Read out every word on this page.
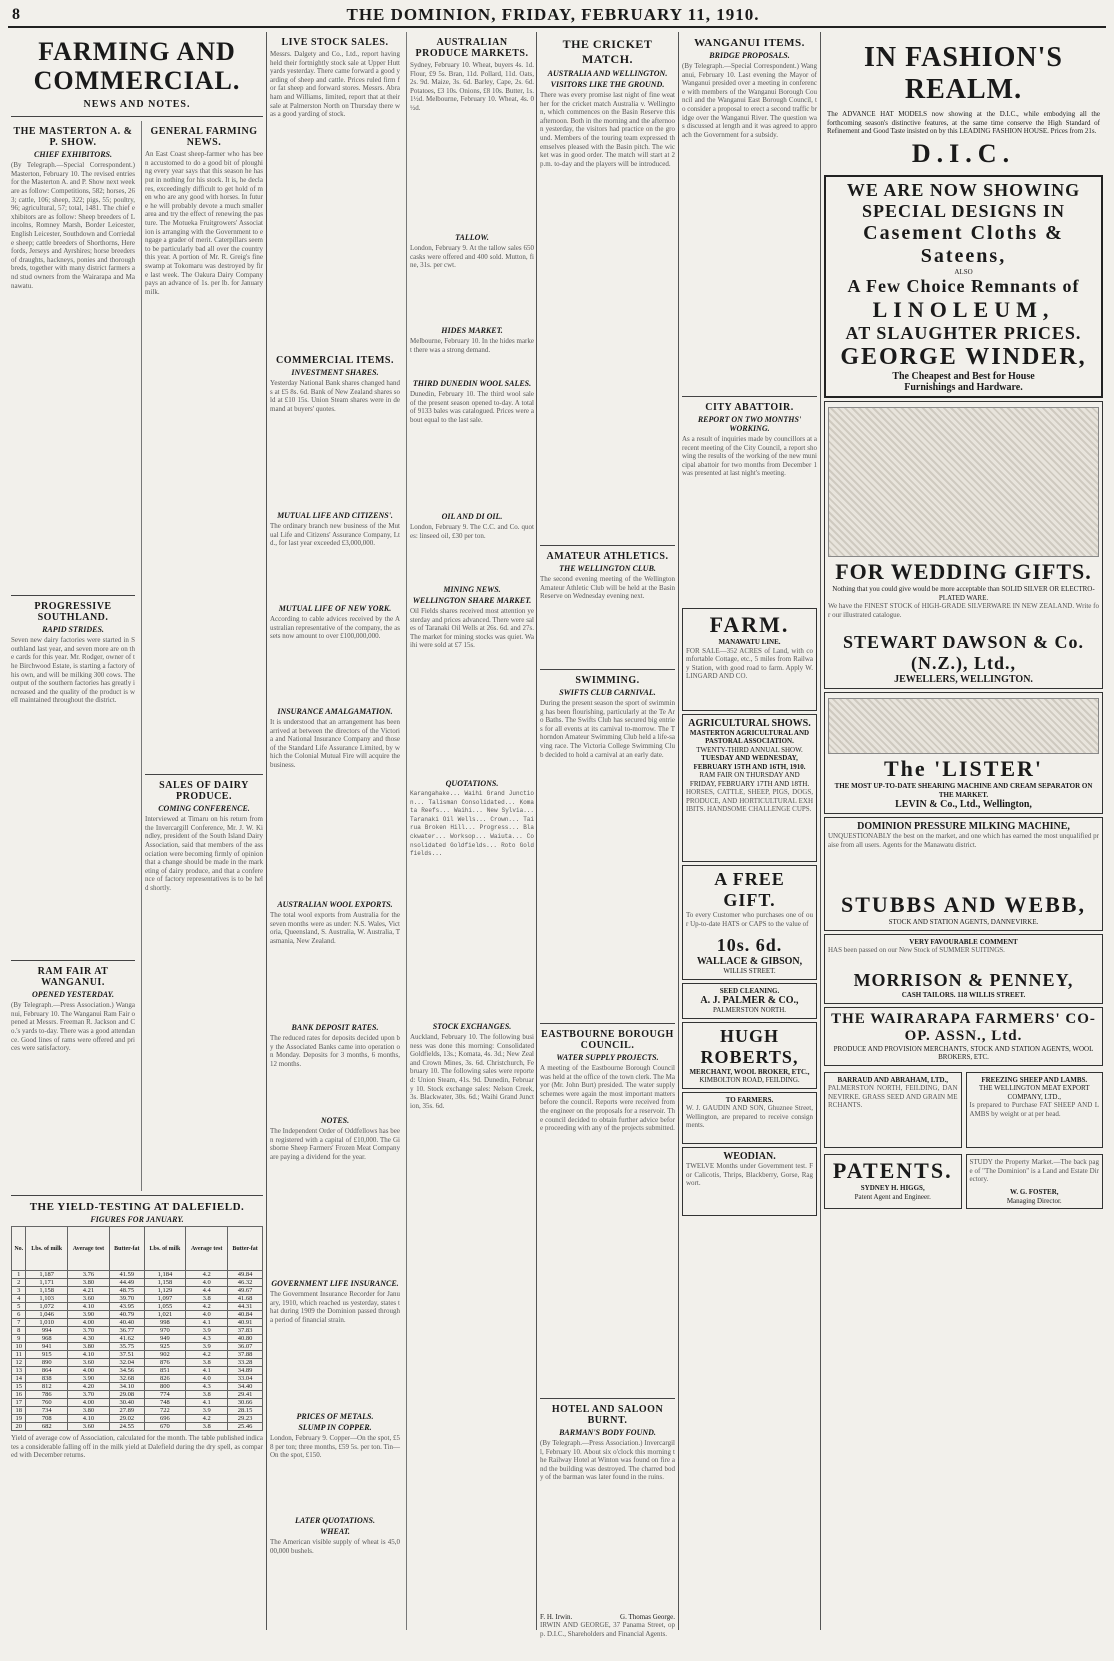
8	THE DOMINION, FRIDAY, FEBRUARY 11, 1910.
FARMING AND COMMERCIAL.
NEWS AND NOTES.
THE MASTERTON A. & P. SHOW.
CHIEF EXHIBITORS.
(By Telegraph.—Special Correspondent.) Masterton, February 10. The revised entries for the Masterton A. and P. Show next week are as follow: Competitions, 582; horses, 263; cattle, 106; sheep, 322; pigs, 55; poultry, 96; agricultural, 57; total, 1481. The chief exhibitors are as follow: Sheep breeders of Lincolns, Romney Marsh, Border Leicester, English Leicester, Southdown and Corriedale sheep; cattle breeders of Shorthorns, Herefords, Jerseys and Ayrshires; horse breeders of draughts, hackneys, ponies and thoroughbreds, together with many district farmers and stud owners from the Wairarapa and Manawatu.
PROGRESSIVE SOUTHLAND.
RAPID STRIDES.
Seven new dairy factories were started in Southland last year, and seven more are on the cards for this year. Mr. Rodger, owner of the Birchwood Estate, is starting a factory of his own, and will be milking 300 cows. The output of the southern factories has greatly increased and the quality of the product is well maintained throughout the district.
RAM FAIR AT WANGANUI.
OPENED YESTERDAY.
(By Telegraph.—Press Association.) Wanganui, February 10. The Wanganui Ram Fair opened at Messrs. Freeman R. Jackson and Co.'s yards to-day. There was a good attendance. Good lines of rams were offered and prices were satisfactory.
GENERAL FARMING NEWS.
An East Coast sheep-farmer who has been accustomed to do a good bit of ploughing every year says that this season he has put in nothing for his stock. It is, he declares, exceedingly difficult to get hold of men who are any good with horses. In future he will probably devote a much smaller area and try the effect of renewing the pasture. The Motueka Fruitgrowers' Association is arranging with the Government to engage a grader of merit. Caterpillars seem to be particularly bad all over the country this year. A portion of Mr. R. Greig's fine swamp at Tokomaru was destroyed by fire last week. The Oakura Dairy Company pays an advance of 1s. per lb. for January milk.
SALES OF DAIRY PRODUCE.
COMING CONFERENCE.
Interviewed at Timaru on his return from the Invercargill Conference, Mr. J. W. Kindley, president of the South Island Dairy Association, said that members of the association were becoming firmly of opinion that a change should be made in the marketing of dairy produce, and that a conference of factory representatives is to be held shortly.
THE YIELD-TESTING AT DALEFIELD.
FIGURES FOR JANUARY.
No.	Lbs. of milk	Average test	Butter-fat	Lbs. of milk	Average test	Butter-fat
1	1,187	3.76	41.59	1,184	4.2	49.84
2	1,171	3.80	44.49	1,158	4.0	46.32
3	1,158	4.21	48.75	1,129	4.4	49.67
4	1,103	3.60	39.70	1,097	3.8	41.68
5	1,072	4.10	43.95	1,055	4.2	44.31
6	1,046	3.90	40.79	1,021	4.0	40.84
7	1,010	4.00	40.40	998	4.1	40.91
8	994	3.70	36.77	970	3.9	37.83
9	968	4.30	41.62	949	4.3	40.80
10	941	3.80	35.75	925	3.9	36.07
11	915	4.10	37.51	902	4.2	37.88
12	890	3.60	32.04	876	3.8	33.28
13	864	4.00	34.56	851	4.1	34.89
14	838	3.90	32.68	826	4.0	33.04
15	812	4.20	34.10	800	4.3	34.40
16	786	3.70	29.08	774	3.8	29.41
17	760	4.00	30.40	748	4.1	30.66
18	734	3.80	27.89	722	3.9	28.15
19	708	4.10	29.02	696	4.2	29.23
20	682	3.60	24.55	670	3.8	25.46
Yield of average cow of Association, calculated for the month. The table published indicates a considerable falling off in the milk yield at Dalefield during the dry spell, as compared with December returns.
LIVE STOCK SALES.
Messrs. Dalgety and Co., Ltd., report having held their fortnightly stock sale at Upper Hutt yards yesterday. There came forward a good yarding of sheep and cattle. Prices ruled firm for fat sheep and forward stores. Messrs. Abraham and Williams, limited, report that at their sale at Palmerston North on Thursday there was a good yarding of stock.
COMMERCIAL ITEMS.
INVESTMENT SHARES.
Yesterday National Bank shares changed hands at £5 8s. 6d. Bank of New Zealand shares sold at £10 15s. Union Steam shares were in demand at buyers' quotes.
MUTUAL LIFE AND CITIZENS'.
The ordinary branch new business of the Mutual Life and Citizens' Assurance Company, Ltd., for last year exceeded £3,000,000.
MUTUAL LIFE OF NEW YORK.
According to cable advices received by the Australian representative of the company, the assets now amount to over £100,000,000.
INSURANCE AMALGAMATION.
It is understood that an arrangement has been arrived at between the directors of the Victoria and National Insurance Company and those of the Standard Life Assurance Limited, by which the Colonial Mutual Fire will acquire the business.
AUSTRALIAN WOOL EXPORTS.
The total wool exports from Australia for the seven months were as under: N.S. Wales, Victoria, Queensland, S. Australia, W. Australia, Tasmania, New Zealand.
BANK DEPOSIT RATES.
The reduced rates for deposits decided upon by the Associated Banks came into operation on Monday. Deposits for 3 months, 6 months, 12 months.
NOTES.
The Independent Order of Oddfellows has been registered with a capital of £10,000. The Gisborne Sheep Farmers' Frozen Meat Company are paying a dividend for the year.
GOVERNMENT LIFE INSURANCE.
The Government Insurance Recorder for January, 1910, which reached us yesterday, states that during 1909 the Dominion passed through a period of financial strain.
PRICES OF METALS.
SLUMP IN COPPER.
London, February 9. Copper—On the spot, £58 per ton; three months, £59 5s. per ton. Tin—On the spot, £150.
LATER QUOTATIONS.
WHEAT.
The American visible supply of wheat is 45,000,000 bushels.
AUSTRALIAN PRODUCE MARKETS.
Sydney, February 10. Wheat, buyers 4s. 1d. Flour, £9 5s. Bran, 11d. Pollard, 11d. Oats, 2s. 9d. Maize, 3s. 6d. Barley, Cape, 2s. 6d. Potatoes, £3 10s. Onions, £8 10s. Butter, 1s. 1½d. Melbourne, February 10. Wheat, 4s. 0½d.
TALLOW.
London, February 9. At the tallow sales 650 casks were offered and 400 sold. Mutton, fine, 31s. per cwt.
HIDES MARKET.
Melbourne, February 10. In the hides market there was a strong demand.
THIRD DUNEDIN WOOL SALES.
Dunedin, February 10. The third wool sale of the present season opened to-day. A total of 9133 bales was catalogued. Prices were about equal to the last sale.
OIL AND DI OIL.
London, February 9. The C.C. and Co. quotes: linseed oil, £30 per ton.
MINING NEWS.
WELLINGTON SHARE MARKET.
Oil Fields shares received most attention yesterday and prices advanced. There were sales of Taranaki Oil Wells at 26s. 6d. and 27s. The market for mining stocks was quiet. Waihi were sold at £7 15s.
QUOTATIONS.
Karangahake... Waihi Grand Junction... Talisman Consolidated... Komata Reefs... Waihi... New Sylvia... Taranaki Oil Wells... Crown... Tairua Broken Hill... Progress... Blackwater... Worksop... Waiuta... Consolidated Goldfields... Roto Goldfields...
STOCK EXCHANGES.
Auckland, February 10. The following business was done this morning: Consolidated Goldfields, 13s.; Komata, 4s. 3d.; New Zealand Crown Mines, 3s. 6d. Christchurch, February 10. The following sales were reported: Union Steam, 41s. 9d. Dunedin, February 10. Stock exchange sales: Nelson Creek, 3s. Blackwater, 30s. 6d.; Waihi Grand Junction, 35s. 6d.
THE CRICKET MATCH.
AUSTRALIA AND WELLINGTON.
VISITORS LIKE THE GROUND.
There was every promise last night of fine weather for the cricket match Australia v. Wellington, which commences on the Basin Reserve this afternoon. Both in the morning and the afternoon yesterday, the visitors had practice on the ground. Members of the touring team expressed themselves pleased with the Basin pitch. The wicket was in good order. The match will start at 2 p.m. to-day and the players will be introduced.
AMATEUR ATHLETICS.
THE WELLINGTON CLUB.
The second evening meeting of the Wellington Amateur Athletic Club will be held at the Basin Reserve on Wednesday evening next.
SWIMMING.
SWIFTS CLUB CARNIVAL.
During the present season the sport of swimming has been flourishing, particularly at the Te Aro Baths. The Swifts Club has secured big entries for all events at its carnival to-morrow. The Thorndon Amateur Swimming Club held a life-saving race. The Victoria College Swimming Club decided to hold a carnival at an early date.
EASTBOURNE BOROUGH COUNCIL.
WATER SUPPLY PROJECTS.
A meeting of the Eastbourne Borough Council was held at the office of the town clerk. The Mayor (Mr. John Burt) presided. The water supply schemes were again the most important matters before the council. Reports were received from the engineer on the proposals for a reservoir. The council decided to obtain further advice before proceeding with any of the projects submitted.
HOTEL AND SALOON BURNT.
BARMAN'S BODY FOUND.
(By Telegraph.—Press Association.) Invercargill, February 10. About six o'clock this morning the Railway Hotel at Winton was found on fire and the building was destroyed. The charred body of the barman was later found in the ruins.
F. H. Irwin.	G. Thomas George.
IRWIN AND GEORGE, 37 Panama Street, opp. D.I.C., Shareholders and Financial Agents.
WANGANUI ITEMS.
BRIDGE PROPOSALS.
(By Telegraph.—Special Correspondent.) Wanganui, February 10. Last evening the Mayor of Wanganui presided over a meeting in conference with members of the Wanganui Borough Council and the Wanganui East Borough Council, to consider a proposal to erect a second traffic bridge over the Wanganui River. The question was discussed at length and it was agreed to approach the Government for a subsidy.
CITY ABATTOIR.
REPORT ON TWO MONTHS' WORKING.
As a result of inquiries made by councillors at a recent meeting of the City Council, a report showing the results of the working of the new municipal abattoir for two months from December 1 was presented at last night's meeting.
FARM.
MANAWATU LINE.
FOR SALE—352 ACRES of Land, with comfortable Cottage, etc., 5 miles from Railway Station, with good road to farm. Apply W. LINGARD AND CO.
AGRICULTURAL SHOWS.
MASTERTON AGRICULTURAL AND PASTORAL ASSOCIATION.
TWENTY-THIRD ANNUAL SHOW.
TUESDAY AND WEDNESDAY, FEBRUARY 15TH AND 16TH, 1910.
RAM FAIR ON THURSDAY AND FRIDAY, FEBRUARY 17TH AND 18TH.
HORSES, CATTLE, SHEEP, PIGS, DOGS, PRODUCE, AND HORTICULTURAL EXHIBITS. HANDSOME CHALLENGE CUPS.
A FREE GIFT.
To every Customer who purchases one of our Up-to-date HATS or CAPS to the value of
10s. 6d.
WALLACE & GIBSON,
WILLIS STREET.
SEED CLEANING.
A. J. PALMER & CO.,
PALMERSTON NORTH.
HUGH ROBERTS,
MERCHANT, WOOL BROKER, ETC.,
KIMBOLTON ROAD, FEILDING.
TO FARMERS.
W. J. GAUDIN AND SON, Ghuznee Street, Wellington, are prepared to receive consignments.
WEODIAN.
TWELVE Months under Government test. For Calicotis, Thrips, Blackberry, Gorse, Ragwort.
IN FASHION'S REALM.
The ADVANCE HAT MODELS now showing at the D.I.C., while embodying all the forthcoming season's distinctive features, at the same time conserve the High Standard of Refinement and Good Taste insisted on by this LEADING FASHION HOUSE. Prices from 21s.
D.I.C.
WE ARE NOW SHOWING
SPECIAL DESIGNS IN
Casement Cloths & Sateens,
ALSO
A Few Choice Remnants of
LINOLEUM,
AT SLAUGHTER PRICES.
GEORGE WINDER,
The Cheapest and Best for House
Furnishings and Hardware.
FOR WEDDING GIFTS.
Nothing that you could give would be more acceptable than SOLID SILVER OR ELECTRO-PLATED WARE.
We have the FINEST STOCK of HIGH-GRADE SILVERWARE IN NEW ZEALAND. Write for our illustrated catalogue.
STEWART DAWSON & Co. (N.Z.), Ltd.,
JEWELLERS, WELLINGTON.
The 'LISTER'
THE MOST UP-TO-DATE SHEARING MACHINE AND CREAM SEPARATOR ON THE MARKET.
LEVIN & Co., Ltd., Wellington,
DOMINION PRESSURE MILKING MACHINE,
UNQUESTIONABLY the best on the market, and one which has earned the most unqualified praise from all users. Agents for the Manawatu district.
STUBBS AND WEBB,
STOCK AND STATION AGENTS, DANNEVIRKE.
VERY FAVOURABLE COMMENT
HAS been passed on our New Stock of SUMMER SUITINGS.
MORRISON & PENNEY,
CASH TAILORS. 118 WILLIS STREET.
THE WAIRARAPA FARMERS' CO-OP. ASSN., Ltd.
PRODUCE AND PROVISION MERCHANTS, STOCK AND STATION AGENTS, WOOL BROKERS, ETC.
BARRAUD AND ABRAHAM, LTD.,
PALMERSTON NORTH, FEILDING, DANNEVIRKE. GRASS SEED AND GRAIN MERCHANTS.
FREEZING SHEEP AND LAMBS.
THE WELLINGTON MEAT EXPORT COMPANY, LTD.,
Is prepared to Purchase FAT SHEEP AND LAMBS by weight or at per head.
PATENTS.
SYDNEY H. HIGGS,
Patent Agent and Engineer.
STUDY the Property Market.—The back page of "The Dominion" is a Land and Estate Directory.
W. G. FOSTER,
Managing Director.
